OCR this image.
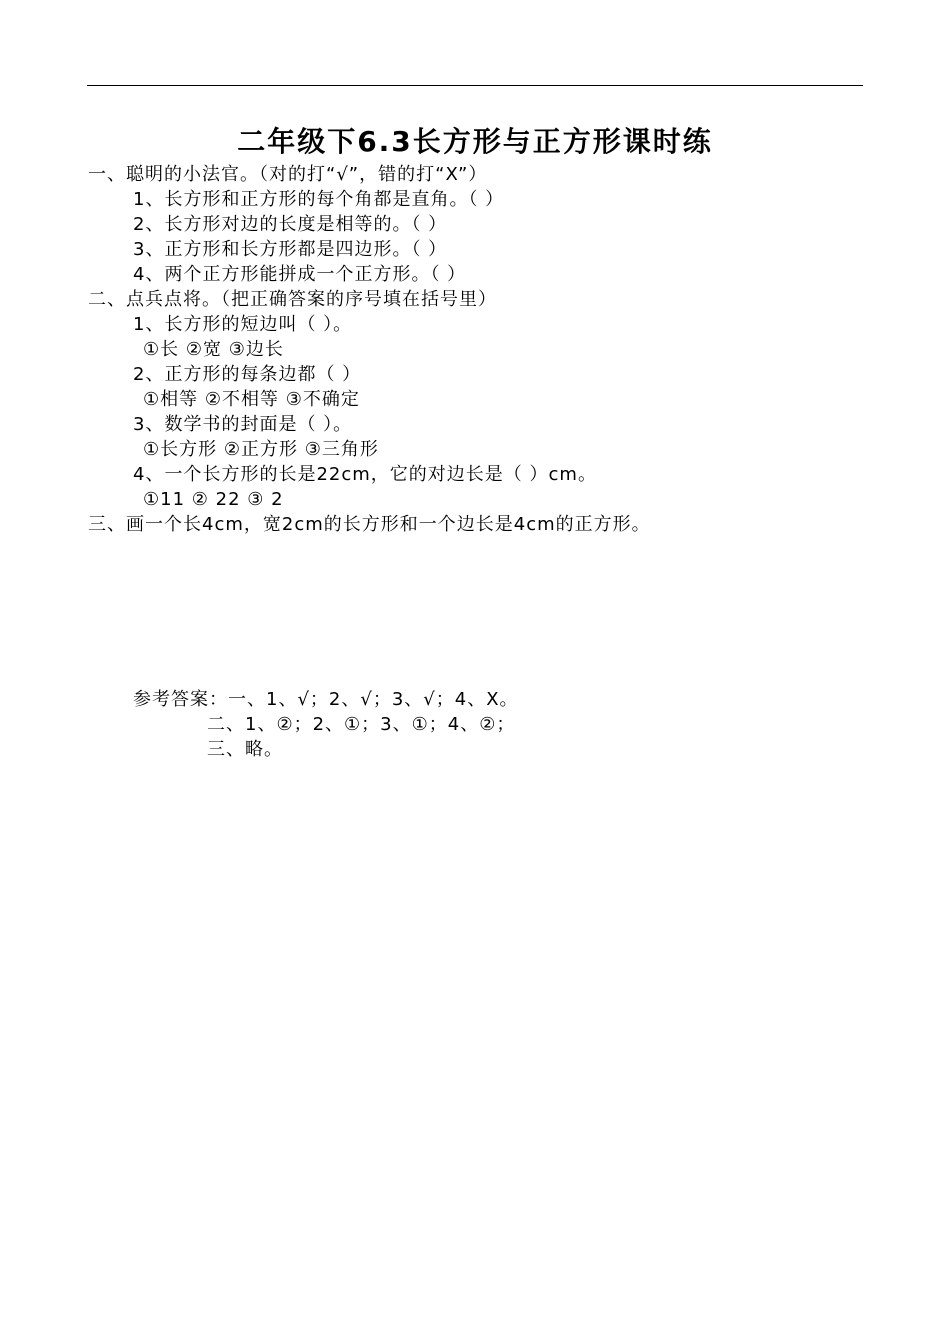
二年级下6.3长方形与正方形课时练
一、聪明的小法官。（对的打“√”，错的打“X”）
1、长方形和正方形的每个角都是直角。（ ）
2、长方形对边的长度是相等的。（ ）
3、正方形和长方形都是四边形。（ ）
4、两个正方形能拼成一个正方形。（ ）
二、点兵点将。（把正确答案的序号填在括号里）
1、长方形的短边叫（ ）。
①长 ②宽 ③边长
2、正方形的每条边都（ ）
①相等 ②不相等 ③不确定
3、数学书的封面是（ ）。
①长方形 ②正方形 ③三角形
4、一个长方形的长是22cm，它的对边长是（ ）cm。
①11 ② 22 ③ 2
三、画一个长4cm，宽2cm的长方形和一个边长是4cm的正方形。
参考答案：一、1、√；2、√；3、√；4、X。
二、1、②；2、①；3、①；4、②；
三、略。
